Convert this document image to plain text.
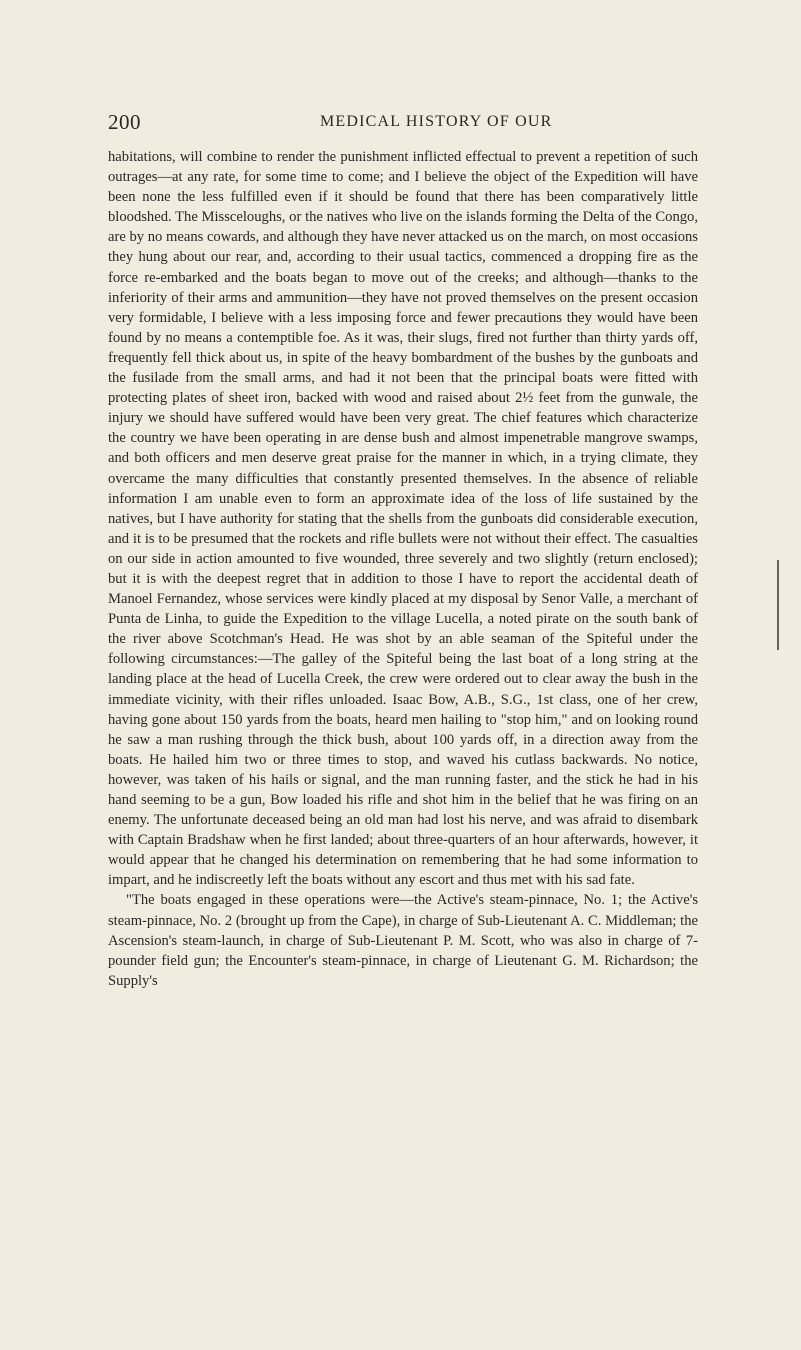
200	MEDICAL HISTORY OF OUR

habitations, will combine to render the punishment inflicted effectual to prevent a repetition of such outrages—at any rate, for some time to come; and I believe the object of the Expedition will have been none the less fulfilled even if it should be found that there has been comparatively little bloodshed. The Missceloughs, or the natives who live on the islands forming the Delta of the Congo, are by no means cowards, and although they have never attacked us on the march, on most occasions they hung about our rear, and, according to their usual tactics, commenced a dropping fire as the force re-embarked and the boats began to move out of the creeks; and although—thanks to the inferiority of their arms and ammunition—they have not proved themselves on the present occasion very formidable, I believe with a less imposing force and fewer precautions they would have been found by no means a contemptible foe. As it was, their slugs, fired not further than thirty yards off, frequently fell thick about us, in spite of the heavy bombardment of the bushes by the gunboats and the fusilade from the small arms, and had it not been that the principal boats were fitted with protecting plates of sheet iron, backed with wood and raised about 2½ feet from the gunwale, the injury we should have suffered would have been very great. The chief features which characterize the country we have been operating in are dense bush and almost impenetrable mangrove swamps, and both officers and men deserve great praise for the manner in which, in a trying climate, they overcame the many difficulties that constantly presented themselves. In the absence of reliable information I am unable even to form an approximate idea of the loss of life sustained by the natives, but I have authority for stating that the shells from the gunboats did considerable execution, and it is to be presumed that the rockets and rifle bullets were not without their effect. The casualties on our side in action amounted to five wounded, three severely and two slightly (return enclosed); but it is with the deepest regret that in addition to those I have to report the accidental death of Manoel Fernandez, whose services were kindly placed at my disposal by Senor Valle, a merchant of Punta de Linha, to guide the Expedition to the village Lucella, a noted pirate on the south bank of the river above Scotchman's Head. He was shot by an able seaman of the Spiteful under the following circumstances:—The galley of the Spiteful being the last boat of a long string at the landing place at the head of Lucella Creek, the crew were ordered out to clear away the bush in the immediate vicinity, with their rifles unloaded. Isaac Bow, A.B., S.G., 1st class, one of her crew, having gone about 150 yards from the boats, heard men hailing to "stop him," and on looking round he saw a man rushing through the thick bush, about 100 yards off, in a direction away from the boats. He hailed him two or three times to stop, and waved his cutlass backwards. No notice, however, was taken of his hails or signal, and the man running faster, and the stick he had in his hand seeming to be a gun, Bow loaded his rifle and shot him in the belief that he was firing on an enemy. The unfortunate deceased being an old man had lost his nerve, and was afraid to disembark with Captain Bradshaw when he first landed; about three-quarters of an hour afterwards, however, it would appear that he changed his determination on remembering that he had some information to impart, and he indiscreetly left the boats without any escort and thus met with his sad fate.

"The boats engaged in these operations were—the Active's steam-pinnace, No. 1; the Active's steam-pinnace, No. 2 (brought up from the Cape), in charge of Sub-Lieutenant A. C. Middleman; the Ascension's steam-launch, in charge of Sub-Lieutenant P. M. Scott, who was also in charge of 7-pounder field gun; the Encounter's steam-pinnace, in charge of Lieutenant G. M. Richardson; the Supply's
